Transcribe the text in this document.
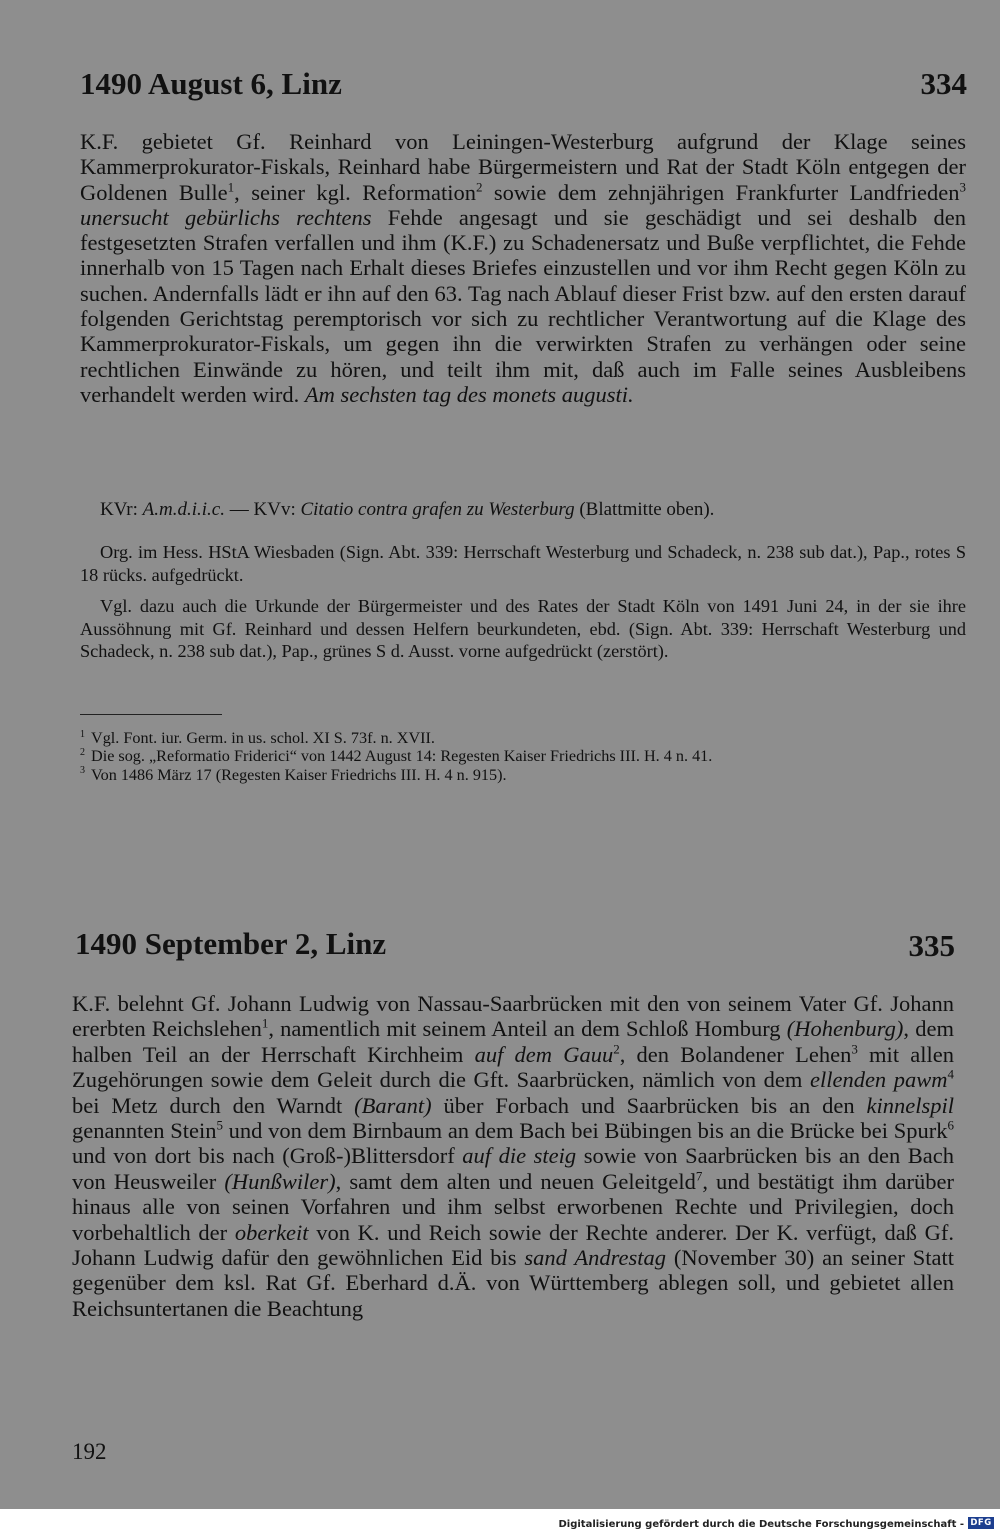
1490 August 6, Linz	334
K.F. gebietet Gf. Reinhard von Leiningen-Westerburg aufgrund der Klage seines Kammerprokurator-Fiskals, Reinhard habe Bürgermeistern und Rat der Stadt Köln entgegen der Goldenen Bulle$^1$, seiner kgl. Reformation$^2$ sowie dem zehnjährigen Frankfurter Landfrieden$^3$ unersucht gebürlichs rechtens Fehde angesagt und sie geschädigt und sei deshalb den festgesetzten Strafen verfallen und ihm (K.F.) zu Schadenersatz und Buße verpflichtet, die Fehde innerhalb von 15 Tagen nach Erhalt dieses Briefes einzustellen und vor ihm Recht gegen Köln zu suchen. Andernfalls lädt er ihn auf den 63. Tag nach Ablauf dieser Frist bzw. auf den ersten darauf folgenden Gerichtstag peremptorisch vor sich zu rechtlicher Verantwortung auf die Klage des Kammerprokurator-Fiskals, um gegen ihn die verwirkten Strafen zu verhängen oder seine rechtlichen Einwände zu hören, und teilt ihm mit, daß auch im Falle seines Ausbleibens verhandelt werden wird. Am sechsten tag des monets augusti.
KVr: A.m.d.i.i.c. — KVv: Citatio contra grafen zu Westerburg (Blattmitte oben).
Org. im Hess. HStA Wiesbaden (Sign. Abt. 339: Herrschaft Westerburg und Schadeck, n. 238 sub dat.), Pap., rotes S 18 rücks. aufgedrückt.
Vgl. dazu auch die Urkunde der Bürgermeister und des Rates der Stadt Köln von 1491 Juni 24, in der sie ihre Aussöhnung mit Gf. Reinhard und dessen Helfern beurkundeten, ebd. (Sign. Abt. 339: Herrschaft Westerburg und Schadeck, n. 238 sub dat.), Pap., grünes S d. Ausst. vorne aufgedrückt (zerstört).
$^1$ Vgl. Font. iur. Germ. in us. schol. XI S. 73f. n. XVII.
$^2$ Die sog. „Reformatio Friderici“ von 1442 August 14: Regesten Kaiser Friedrichs III. H. 4 n. 41.
$^3$ Von 1486 März 17 (Regesten Kaiser Friedrichs III. H. 4 n. 915).
1490 September 2, Linz	335
K.F. belehnt Gf. Johann Ludwig von Nassau-Saarbrücken mit den von seinem Vater Gf. Johann ererbten Reichslehen$^1$, namentlich mit seinem Anteil an dem Schloß Homburg (Hohenburg), dem halben Teil an der Herrschaft Kirchheim auf dem Gauu$^2$, den Bolandener Lehen$^3$ mit allen Zugehörungen sowie dem Geleit durch die Gft. Saarbrücken, nämlich von dem ellenden pawm$^4$ bei Metz durch den Warndt (Barant) über Forbach und Saarbrücken bis an den kinnelspil genannten Stein$^5$ und von dem Birnbaum an dem Bach bei Bübingen bis an die Brücke bei Spurk$^6$ und von dort bis nach (Groß-)Blittersdorf auf die steig sowie von Saarbrücken bis an den Bach von Heusweiler (Hunßwiler), samt dem alten und neuen Geleitgeld$^7$, und bestätigt ihm darüber hinaus alle von seinen Vorfahren und ihm selbst erworbenen Rechte und Privilegien, doch vorbehaltlich der oberkeit von K. und Reich sowie der Rechte anderer. Der K. verfügt, daß Gf. Johann Ludwig dafür den gewöhnlichen Eid bis sand Andrestag (November 30) an seiner Statt gegenüber dem ksl. Rat Gf. Eberhard d.Ä. von Württemberg ablegen soll, und gebietet allen Reichsuntertanen die Beachtung
192
Digitalisierung gefördert durch die Deutsche Forschungsgemeinschaft - DFG
